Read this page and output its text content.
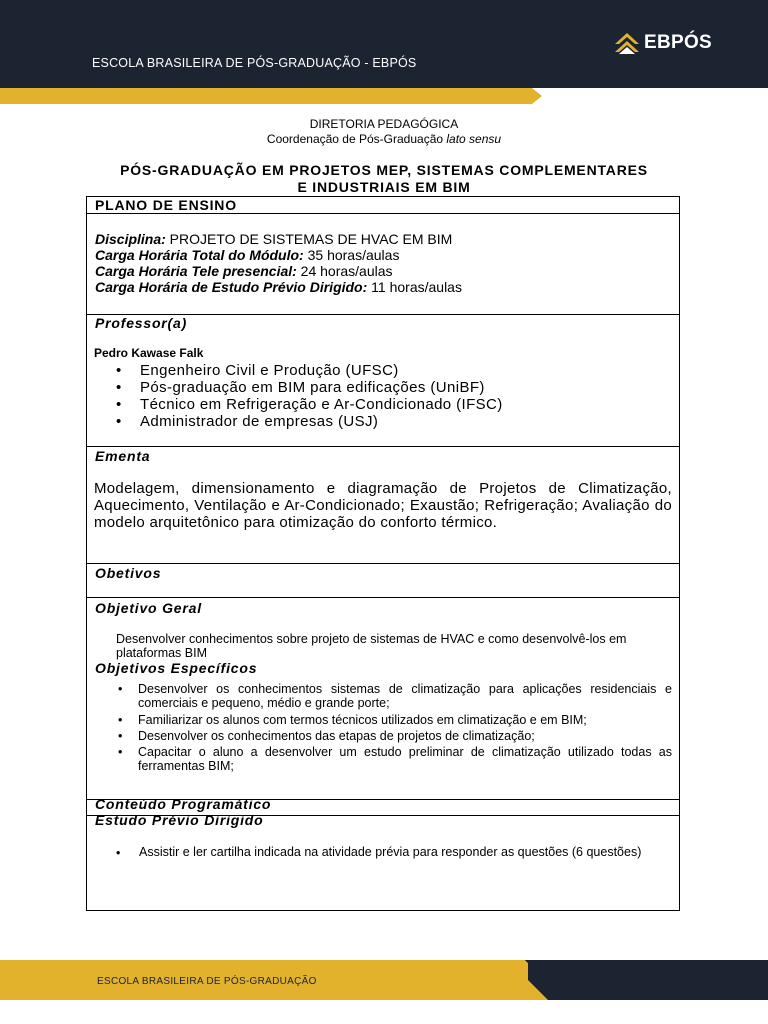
ESCOLA BRASILEIRA DE PÓS-GRADUAÇÃO - EBPÓS
EBPÓS
DIRETORIA PEDAGÓGICA
Coordenação de Pós-Graduação lato sensu
PÓS-GRADUAÇÃO EM PROJETOS MEP, SISTEMAS COMPLEMENTARES E INDUSTRIAIS EM BIM
PLANO DE ENSINO
Disciplina: PROJETO DE SISTEMAS DE HVAC EM BIM
Carga Horária Total do Módulo: 35 horas/aulas
Carga Horária Tele presencial: 24 horas/aulas
Carga Horária de Estudo Prévio Dirigido: 11 horas/aulas
Professor(a)
Pedro Kawase Falk
• Engenheiro Civil e Produção (UFSC)
• Pós-graduação em BIM para edificações (UniBF)
• Técnico em Refrigeração e Ar-Condicionado (IFSC)
• Administrador de empresas (USJ)
Ementa
Modelagem, dimensionamento e diagramação de Projetos de Climatização, Aquecimento, Ventilação e Ar-Condicionado; Exaustão; Refrigeração; Avaliação do modelo arquitetônico para otimização do conforto térmico.
Obetivos
Objetivo Geral
Objetivos Específicos
Desenvolver conhecimentos sobre projeto de sistemas de HVAC e como desenvolvê-los em plataformas BIM
• Desenvolver os conhecimentos sistemas de climatização para aplicações residenciais e comerciais e pequeno, médio e grande porte;
• Familiarizar os alunos com termos técnicos utilizados em climatização e em BIM;
• Desenvolver os conhecimentos das etapas de projetos de climatização;
• Capacitar o aluno a desenvolver um estudo preliminar de climatização utilizado todas as ferramentas BIM;
Conteúdo Programático
Estudo Prévio Dirigido
• Assistir e ler cartilha indicada na atividade prévia para responder as questões (6 questões)
ESCOLA BRASILEIRA DE PÓS-GRADUAÇÃO
